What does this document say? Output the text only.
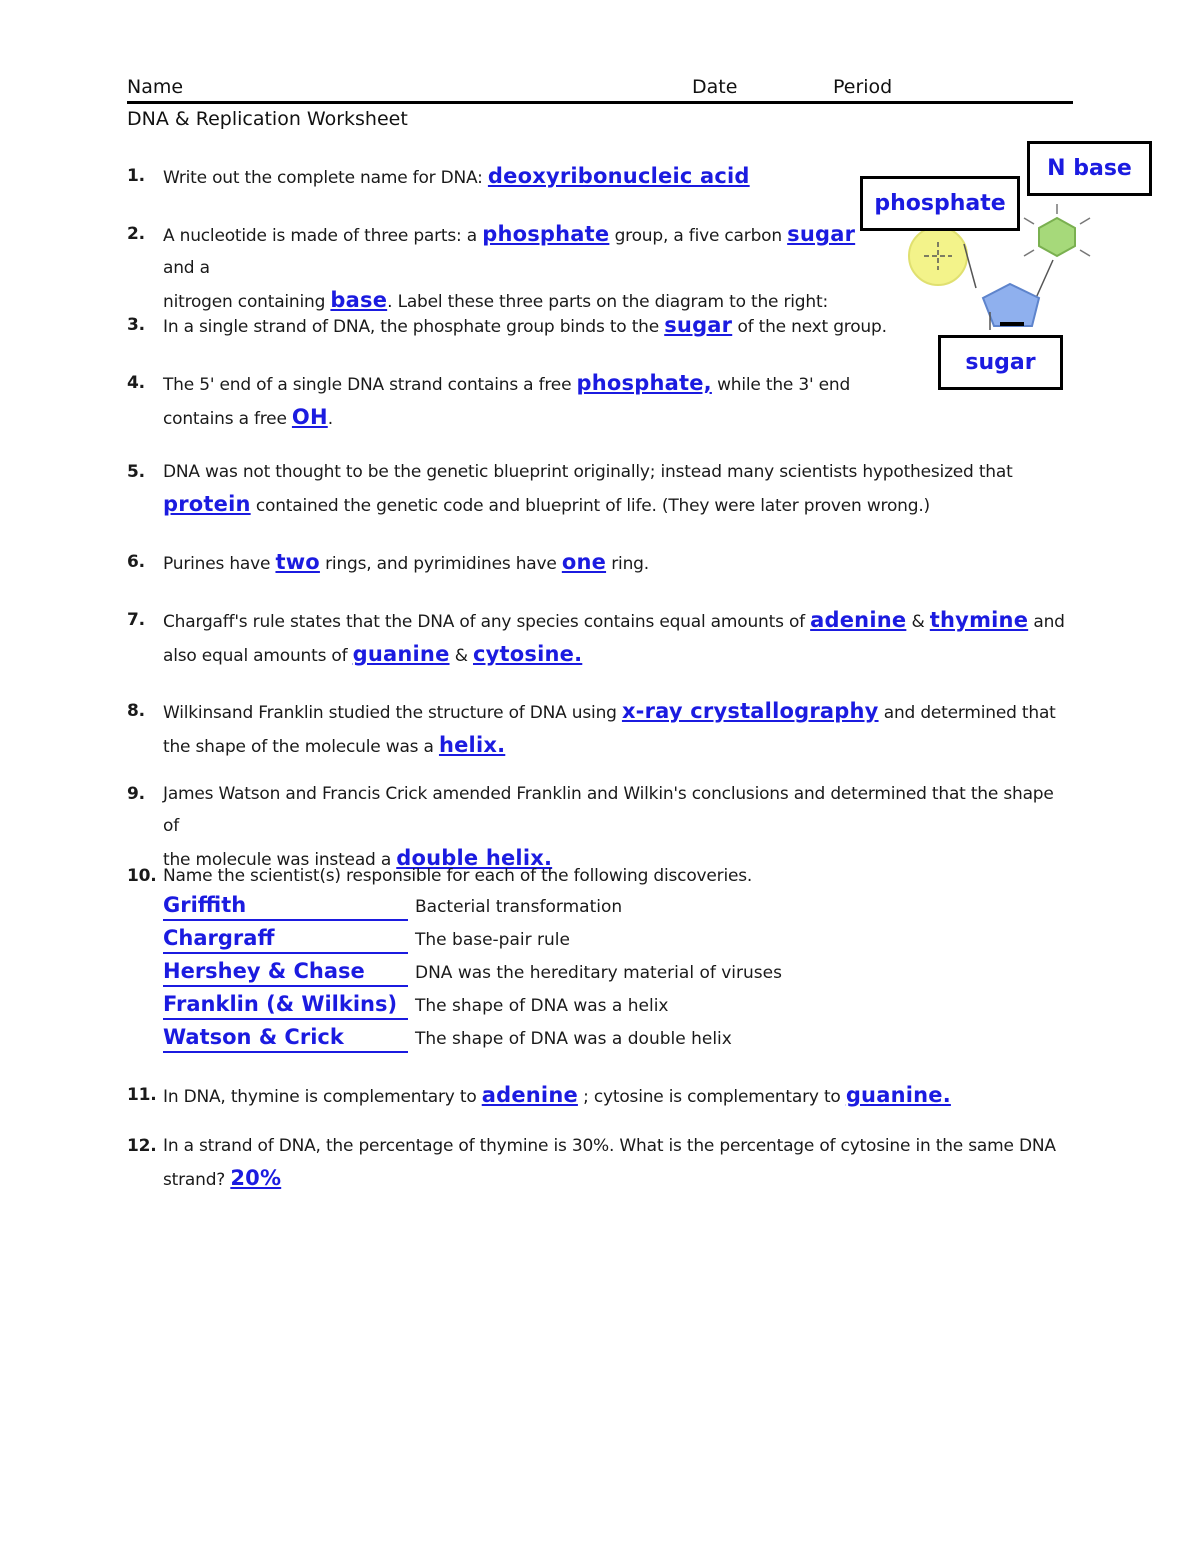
Name	Date	Period
DNA & Replication Worksheet
phosphate
N base
sugar
1. Write out the complete name for DNA: deoxyribonucleic acid
2. A nucleotide is made of three parts: a phosphate group, a five carbon sugar and a
nitrogen containing base. Label these three parts on the diagram to the right:
3. In a single strand of DNA, the phosphate group binds to the sugar of the next group.
4. The 5' end of a single DNA strand contains a free phosphate, while the 3' end
contains a free OH.
5. DNA was not thought to be the genetic blueprint originally; instead many scientists hypothesized that
protein contained the genetic code and blueprint of life. (They were later proven wrong.)
6. Purines have two rings, and pyrimidines have one ring.
7. Chargaff's rule states that the DNA of any species contains equal amounts of adenine & thymine and
also equal amounts of guanine & cytosine.
8. Wilkinsand Franklin studied the structure of DNA using x-ray crystallography and determined that
the shape of the molecule was a helix.
9. James Watson and Francis Crick amended Franklin and Wilkin's conclusions and determined that the shape of
the molecule was instead a double helix.
10. Name the scientist(s) responsible for each of the following discoveries.
Griffith	Bacterial transformation
Chargraff	The base-pair rule
Hershey & Chase	DNA was the hereditary material of viruses
Franklin (& Wilkins)	The shape of DNA was a helix
Watson & Crick	The shape of DNA was a double helix
11. In DNA, thymine is complementary to adenine ; cytosine is complementary to guanine.
12. In a strand of DNA, the percentage of thymine is 30%. What is the percentage of cytosine in the same DNA
strand? 20%
